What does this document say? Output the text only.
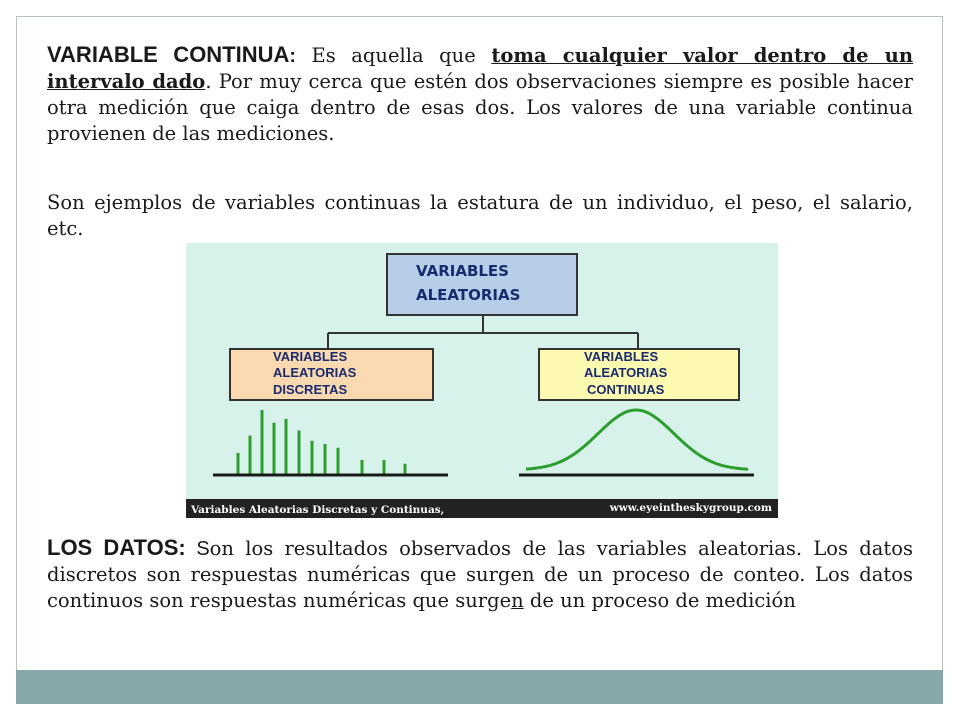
VARIABLE CONTINUA: Es aquella que toma cualquier valor dentro de un intervalo dado. Por muy cerca que estén dos observaciones siempre es posible hacer otra medición que caiga dentro de esas dos. Los valores de una variable continua provienen de las mediciones.

Son ejemplos de variables continuas la estatura de un individuo, el peso, el salario, etc.

VARIABLES
ALEATORIAS
VARIABLES
ALEATORIAS
DISCRETAS
VARIABLES
ALEATORIAS
CONTINUAS
Variables Aleatorias Discretas y Continuas,	www.eyeintheskygroup.com

LOS DATOS: Son los resultados observados de las variables aleatorias. Los datos discretos son respuestas numéricas que surgen de un proceso de conteo. Los datos continuos son respuestas numéricas que surgen de un proceso de medición
